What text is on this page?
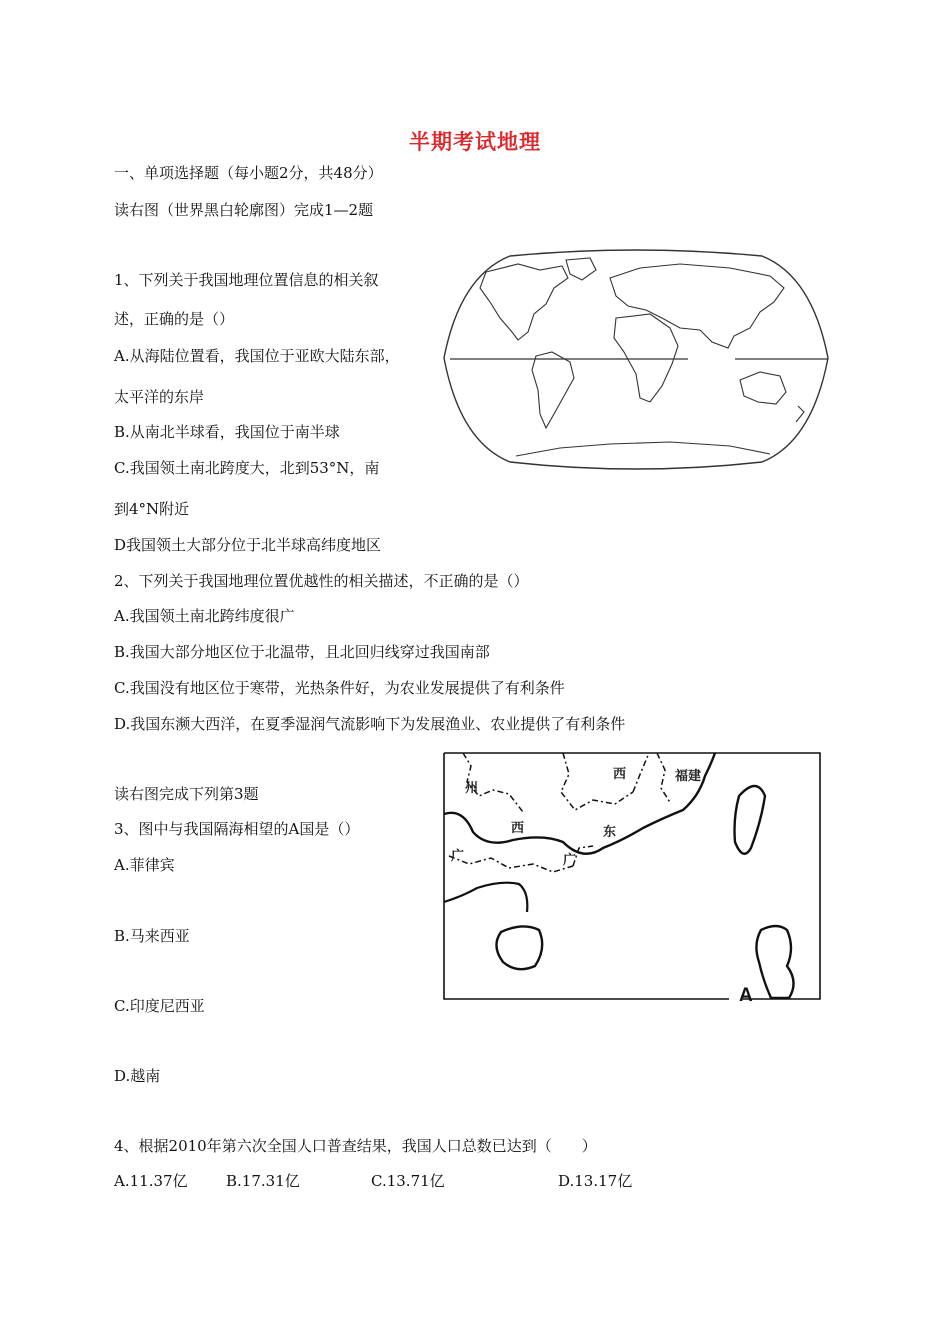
半期考试地理
一、单项选择题（每小题2分，共48分）
读右图（世界黑白轮廓图）完成1—2题
1、下列关于我国地理位置信息的相关叙
述，正确的是（）
A.从海陆位置看，我国位于亚欧大陆东部，
太平洋的东岸
B.从南北半球看，我国位于南半球
C.我国领土南北跨度大，北到53°N，南
到4°N附近
D我国领土大部分位于北半球高纬度地区
2、下列关于我国地理位置优越性的相关描述，不正确的是（）
A.我国领土南北跨纬度很广
B.我国大部分地区位于北温带，且北回归线穿过我国南部
C.我国没有地区位于寒带，光热条件好，为农业发展提供了有利条件
D.我国东濒大西洋，在夏季湿润气流影响下为发展渔业、农业提供了有利条件
读右图完成下列第3题
3、图中与我国隔海相望的A国是（）
A.菲律宾
B.马来西亚
C.印度尼西亚
D.越南
4、根据2010年第六次全国人口普查结果，我国人口总数已达到（　　）
A.11.37亿	B.17.31亿	C.13.71亿	D.13.17亿
州
西	福建
西	东
广	广
A
